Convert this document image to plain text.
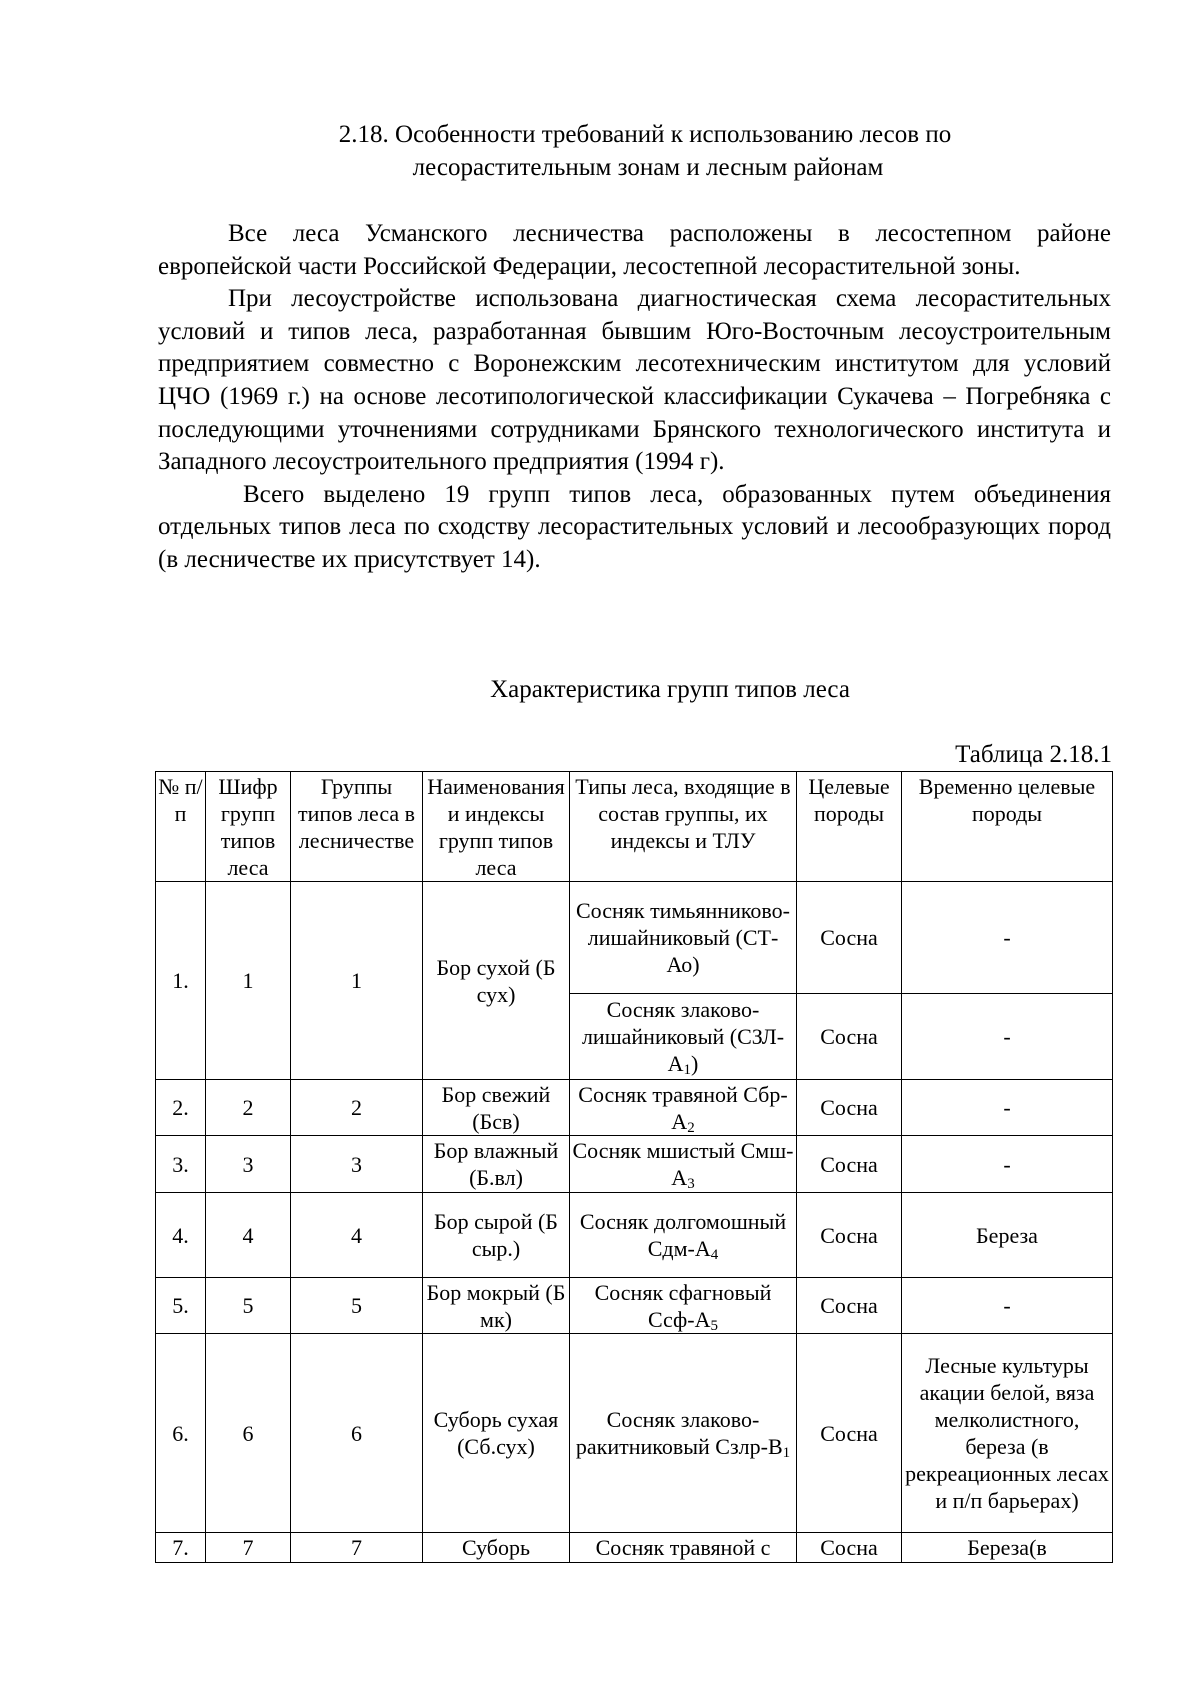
2.18. Особенности требований к использованию лесов по
лесорастительным зонам и лесным районам

Все леса Усманского лесничества расположены в лесостепном районе европейской части Российской Федерации, лесостепной лесорастительной зоны.

При лесоустройстве использована диагностическая схема лесорастительных условий и типов леса, разработанная бывшим Юго-Восточным лесоустроительным предприятием совместно с Воронежским лесотехническим институтом для условий ЦЧО (1969 г.) на основе лесотипологической классификации Сукачева – Погребняка с последующими уточнениями сотрудниками Брянского технологического института и Западного лесоустроительного предприятия (1994 г).

Всего выделено 19 групп типов леса, образованных путем объединения отдельных типов леса по сходству лесорастительных условий и лесообразующих пород (в лесничестве их присутствует 14).

Характеристика групп типов леса
Таблица 2.18.1
№ п/п	Шифр групп типов леса	Группы типов леса в лесничестве	Наименования и индексы групп типов леса	Типы леса, входящие в состав группы, их индексы и ТЛУ	Целевые породы	Временно целевые породы
1.	1	1	Бор сухой (Б сух)	Сосняк тимьянниково-лишайниковый (СТ-Ао)	Сосна	-
				Сосняк злаково-лишайниковый $(СЗЛ-А_1)$	Сосна	-
2.	2	2	Бор свежий (Бсв)	Сосняк травяной Сбр-$А_2$	Сосна	-
3.	3	3	Бор влажный (Б.вл)	Сосняк мшистый Смш-$А_3$	Сосна	-
4.	4	4	Бор сырой (Б сыр.)	Сосняк долгомошный Сдм-$А_4$	Сосна	Береза
5.	5	5	Бор мокрый (Б мк)	Сосняк сфагновый Ссф-$А_5$	Сосна	-
6.	6	6	Суборь сухая (Сб.сух)	Сосняк злаково-ракитниковый Сзлр-$В_1$	Сосна	Лесные культуры акации белой, вяза мелколистного, береза (в рекреационных лесах и п/п барьерах)
7.	7	7	Суборь	Сосняк травяной с	Сосна	Береза(в
